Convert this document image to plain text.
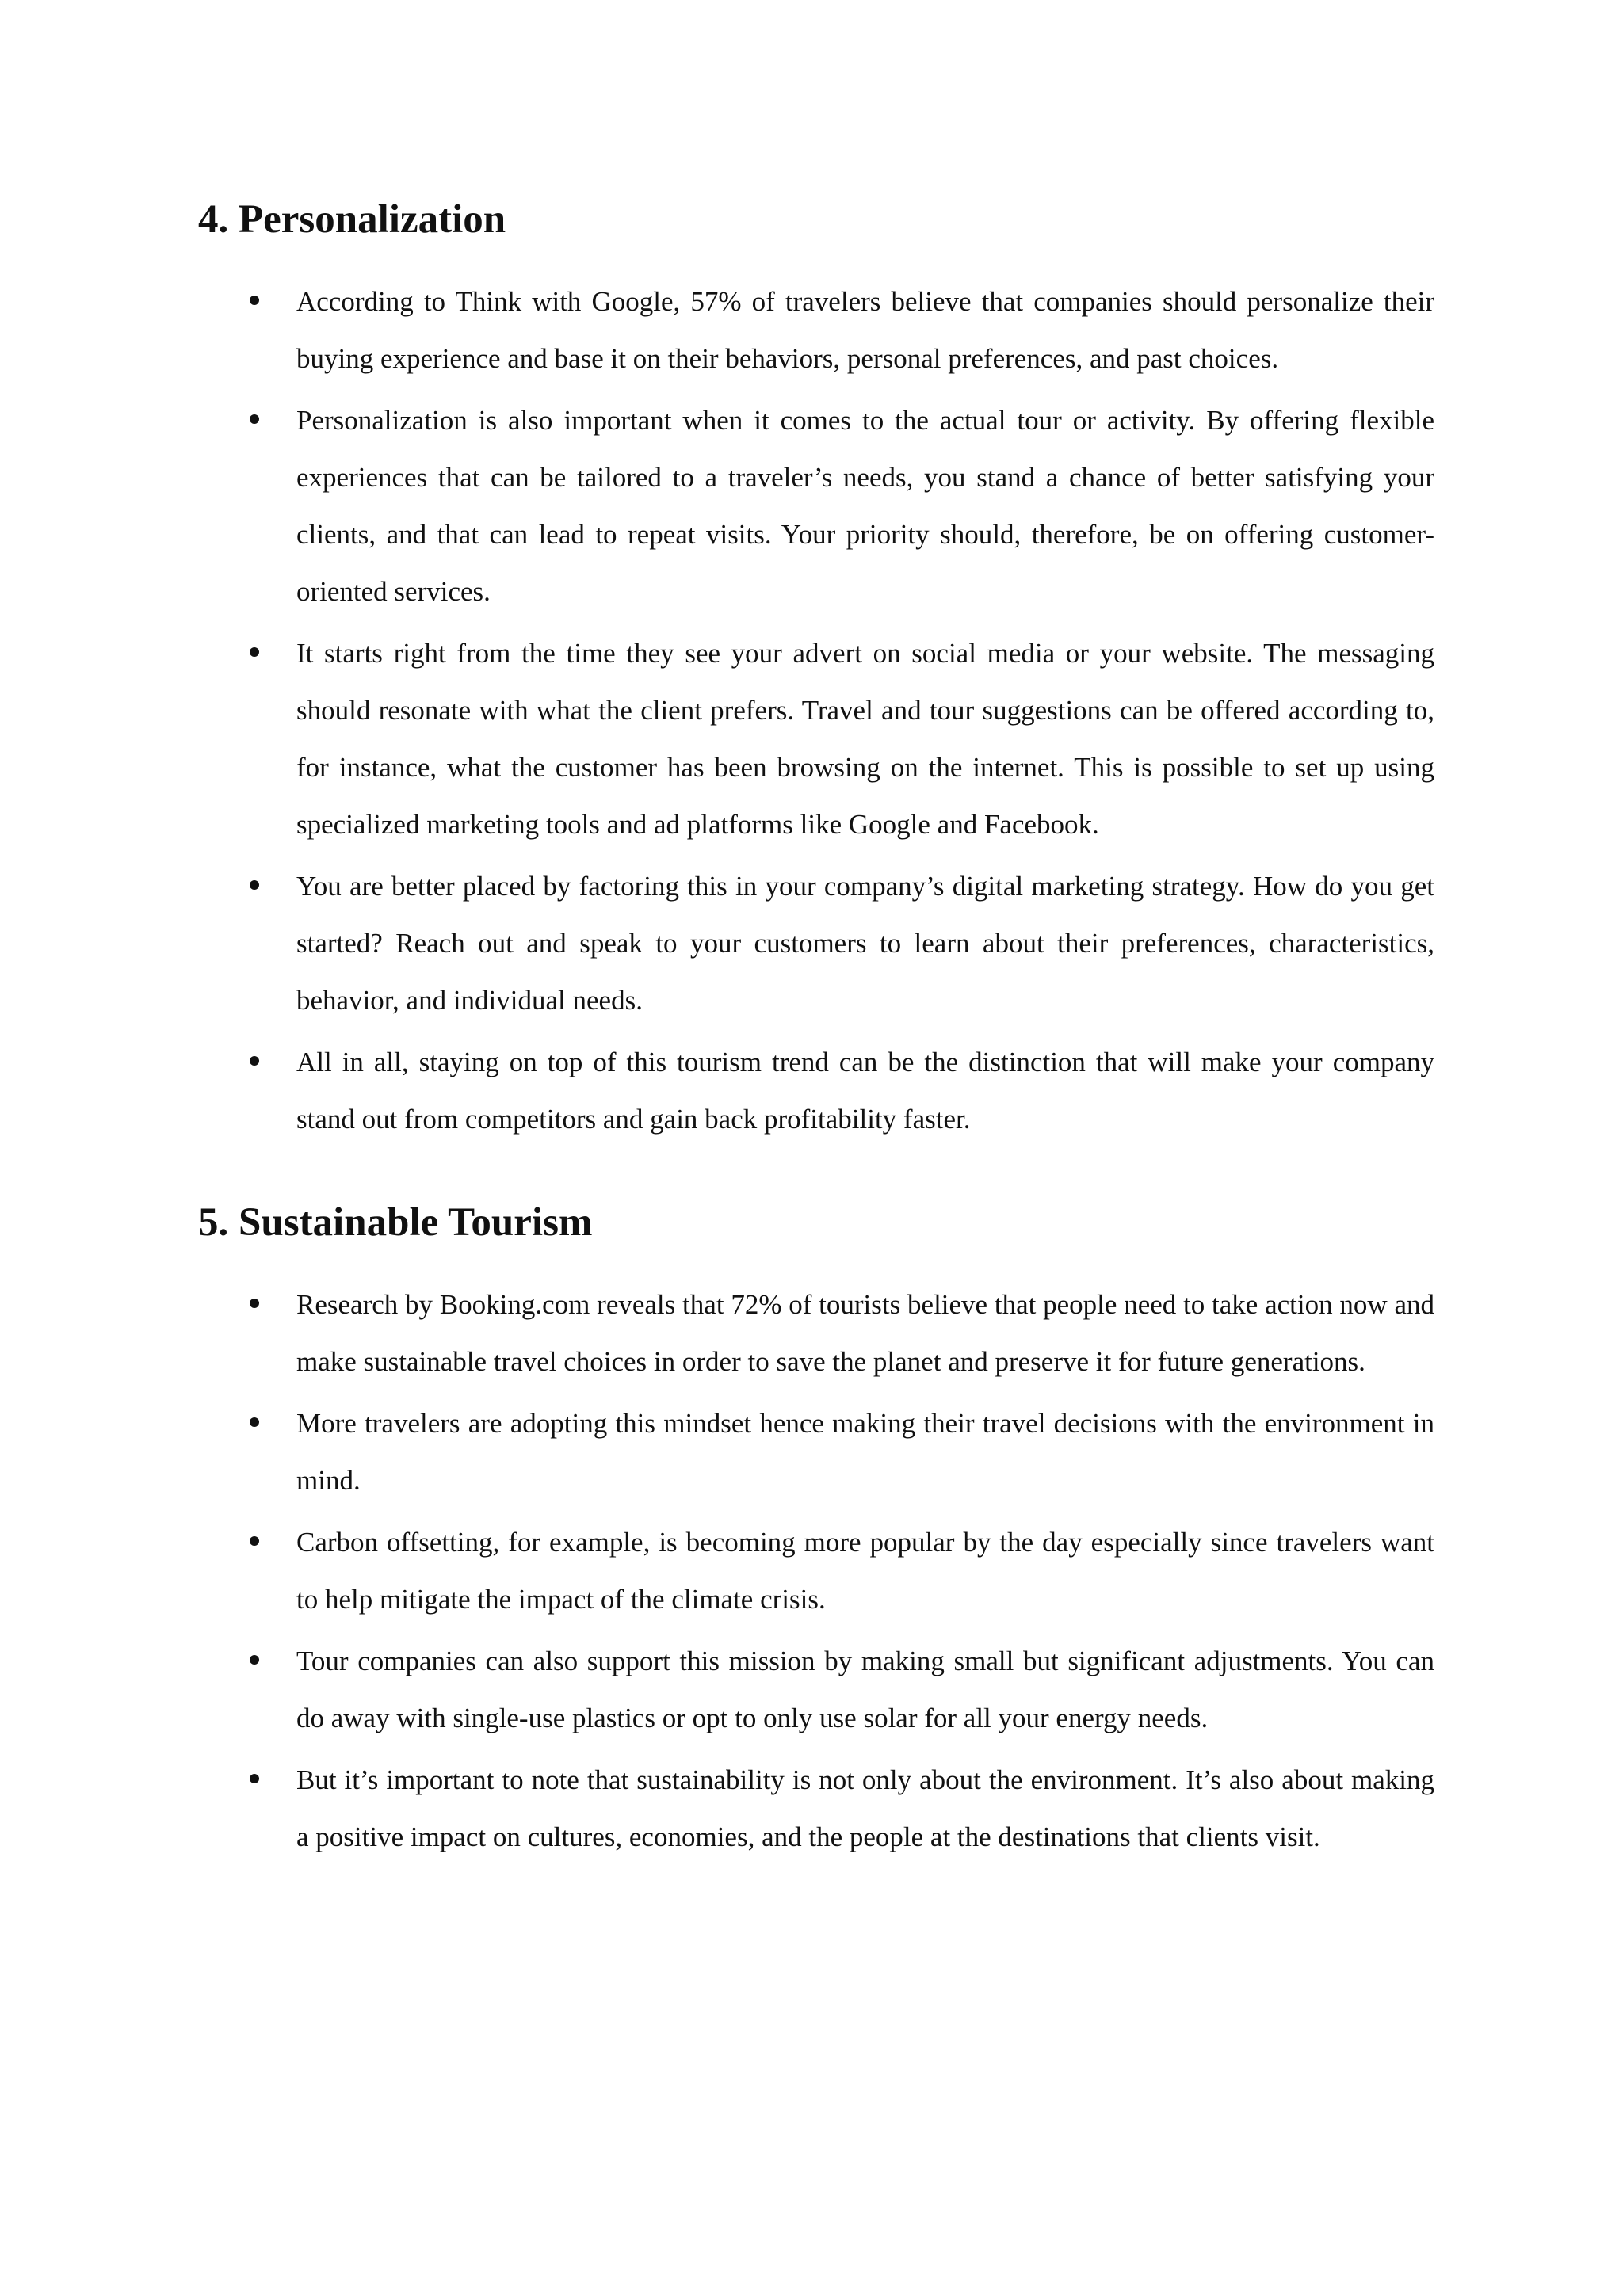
4. Personalization
According to Think with Google, 57% of travelers believe that companies should personalize their buying experience and base it on their behaviors, personal preferences, and past choices.
Personalization is also important when it comes to the actual tour or activity. By offering flexible experiences that can be tailored to a traveler’s needs, you stand a chance of better satisfying your clients, and that can lead to repeat visits. Your priority should, therefore, be on offering customer-oriented services.
It starts right from the time they see your advert on social media or your website. The messaging should resonate with what the client prefers. Travel and tour suggestions can be offered according to, for instance, what the customer has been browsing on the internet. This is possible to set up using specialized marketing tools and ad platforms like Google and Facebook.
You are better placed by factoring this in your company’s digital marketing strategy. How do you get started? Reach out and speak to your customers to learn about their preferences, characteristics, behavior, and individual needs.
All in all, staying on top of this tourism trend can be the distinction that will make your company stand out from competitors and gain back profitability faster.
5. Sustainable Tourism
Research by Booking.com reveals that 72% of tourists believe that people need to take action now and make sustainable travel choices in order to save the planet and preserve it for future generations.
More travelers are adopting this mindset hence making their travel decisions with the environment in mind.
Carbon offsetting, for example, is becoming more popular by the day especially since travelers want to help mitigate the impact of the climate crisis.
Tour companies can also support this mission by making small but significant adjustments. You can do away with single-use plastics or opt to only use solar for all your energy needs.
But it’s important to note that sustainability is not only about the environment. It’s also about making a positive impact on cultures, economies, and the people at the destinations that clients visit.
